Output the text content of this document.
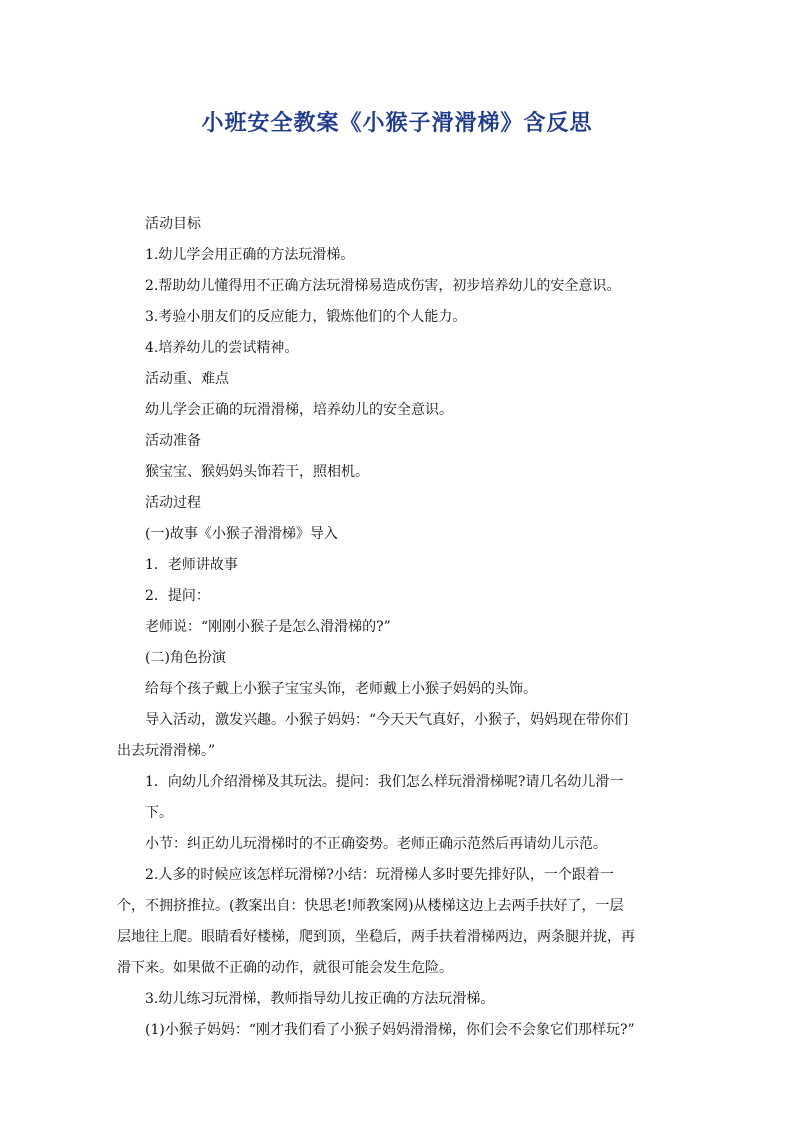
小班安全教案《小猴子滑滑梯》含反思

活动目标

1.幼儿学会用正确的方法玩滑梯。

2.帮助幼儿懂得用不正确方法玩滑梯易造成伤害，初步培养幼儿的安全意识。

3.考验小朋友们的反应能力，锻炼他们的个人能力。

4.培养幼儿的尝试精神。

活动重、难点

幼儿学会正确的玩滑滑梯，培养幼儿的安全意识。

活动准备

猴宝宝、猴妈妈头饰若干，照相机。

活动过程

(一)故事《小猴子滑滑梯》导入

1．老师讲故事

2．提问：

老师说：“刚刚小猴子是怎么滑滑梯的?”

(二)角色扮演

给每个孩子戴上小猴子宝宝头饰，老师戴上小猴子妈妈的头饰。

导入活动，激发兴趣。小猴子妈妈：“今天天气真好，小猴子，妈妈现在带你们出去玩滑滑梯。”

1．向幼儿介绍滑梯及其玩法。提问：我们怎么样玩滑滑梯呢?请几名幼儿滑一下。

小节：纠正幼儿玩滑梯时的不正确姿势。老师正确示范然后再请幼儿示范。

2.人多的时候应该怎样玩滑梯?小结：玩滑梯人多时要先排好队，一个跟着一个，不拥挤推拉。(教案出自：快思老!师教案网)从楼梯这边上去两手扶好了，一层层地往上爬。眼睛看好楼梯，爬到顶，坐稳后，两手扶着滑梯两边，两条腿并拢，再滑下来。如果做不正确的动作，就很可能会发生危险。

3.幼儿练习玩滑梯，教师指导幼儿按正确的方法玩滑梯。

(1)小猴子妈妈：“刚才我们看了小猴子妈妈滑滑梯，你们会不会象它们那样玩?”
